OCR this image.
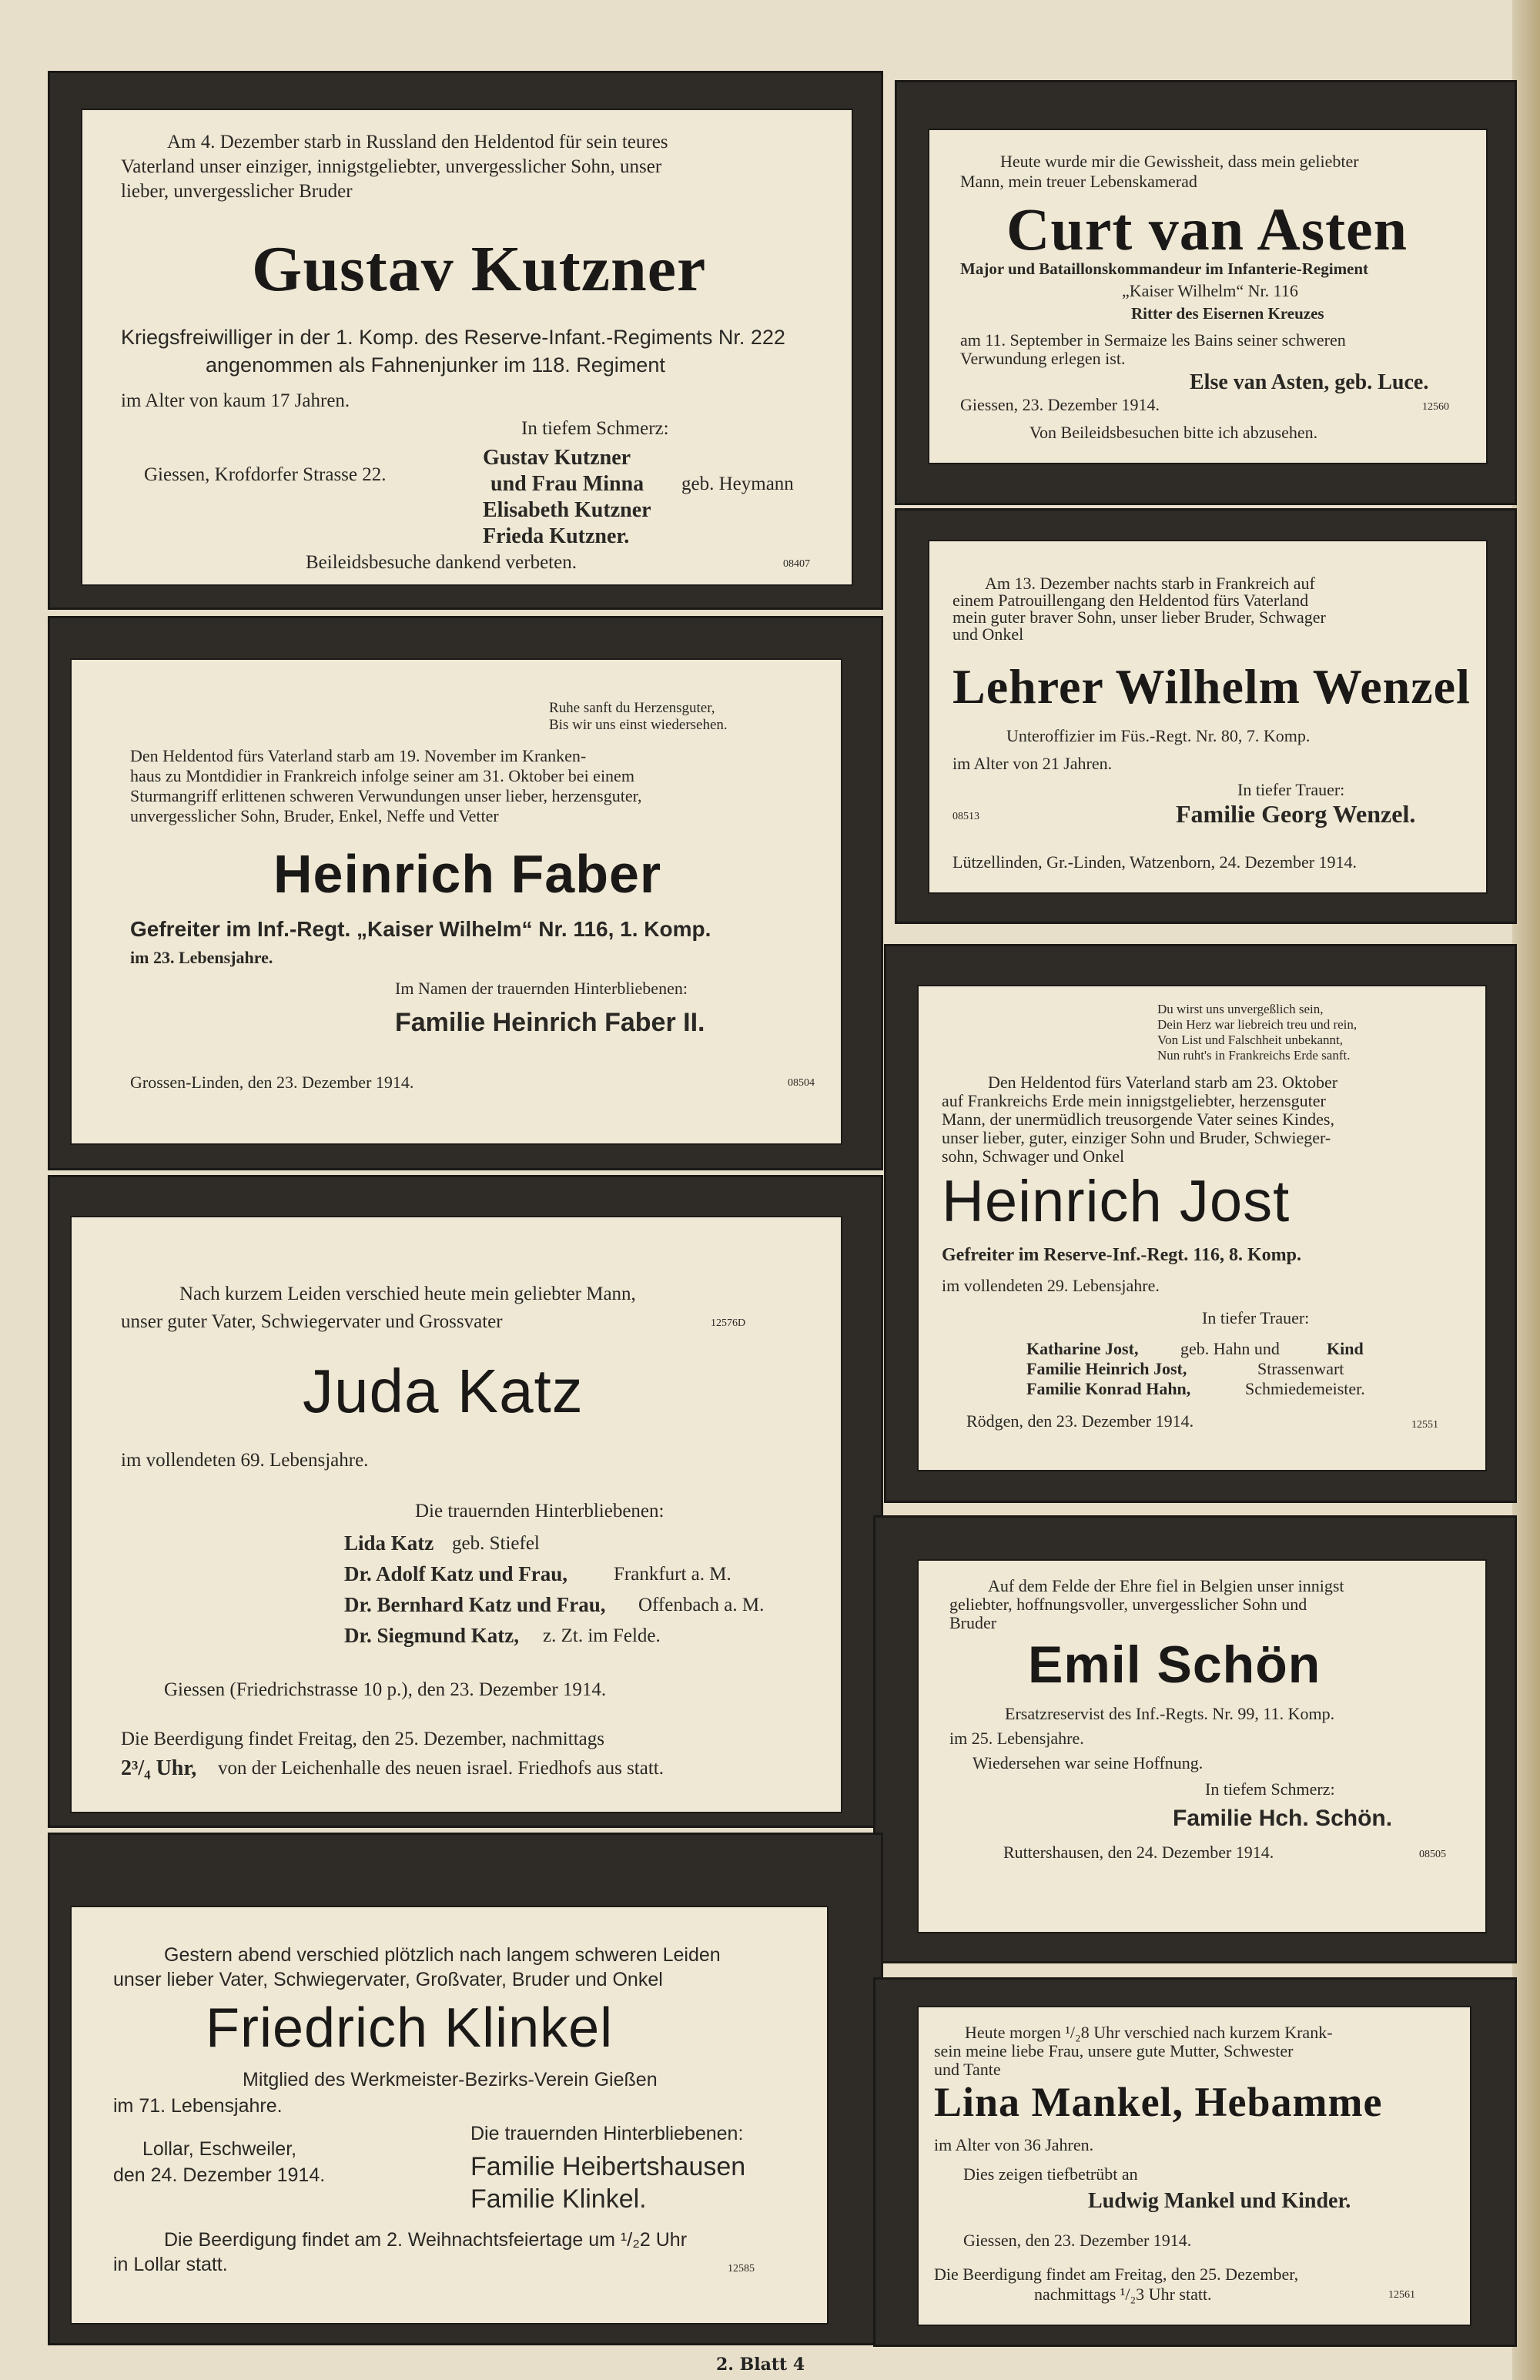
Am 4. Dezember starb in Russland den Heldentod für sein teures
Vaterland unser einziger, innigstgeliebter, unvergesslicher Sohn, unser
lieber, unvergesslicher Bruder
Gustav Kutzner
Kriegsfreiwilliger in der 1. Komp. des Reserve-Infant.-Regiments Nr. 222
angenommen als Fahnenjunker im 118. Regiment
im Alter von kaum 17 Jahren.
In tiefem Schmerz:
Gustav Kutzner
und Frau Minna geb. Heymann
Elisabeth Kutzner
Frieda Kutzner.
Giessen, Krofdorfer Strasse 22.
Beileidsbesuche dankend verbeten.	08407
Heute wurde mir die Gewissheit, dass mein geliebter
Mann, mein treuer Lebenskamerad
Curt van Asten
Major und Bataillonskommandeur im Infanterie-Regiment
„Kaiser Wilhelm“ Nr. 116
Ritter des Eisernen Kreuzes
am 11. September in Sermaize les Bains seiner schweren
Verwundung erlegen ist.
Else van Asten, geb. Luce.
Giessen, 23. Dezember 1914.	12560
Von Beileidsbesuchen bitte ich abzusehen.
Am 13. Dezember nachts starb in Frankreich auf
einem Patrouillengang den Heldentod fürs Vaterland
mein guter braver Sohn, unser lieber Bruder, Schwager
und Onkel
Lehrer Wilhelm Wenzel
Unteroffizier im Füs.-Regt. Nr. 80, 7. Komp.
im Alter von 21 Jahren.
In tiefer Trauer:
08513	Familie Georg Wenzel.
Lützellinden, Gr.-Linden, Watzenborn, 24. Dezember 1914.
Ruhe sanft du Herzensguter,
Bis wir uns einst wiedersehen.
Den Heldentod fürs Vaterland starb am 19. November im Kranken-
haus zu Montdidier in Frankreich infolge seiner am 31. Oktober bei einem
Sturmangriff erlittenen schweren Verwundungen unser lieber, herzensguter,
unvergesslicher Sohn, Bruder, Enkel, Neffe und Vetter
Heinrich Faber
Gefreiter im Inf.-Regt. „Kaiser Wilhelm“ Nr. 116, 1. Komp.
im 23. Lebensjahre.
Im Namen der trauernden Hinterbliebenen:
Familie Heinrich Faber II.
Grossen-Linden, den 23. Dezember 1914.	08504
Du wirst uns unvergeßlich sein,
Dein Herz war liebreich treu und rein,
Von List und Falschheit unbekannt,
Nun ruht's in Frankreichs Erde sanft.
Den Heldentod fürs Vaterland starb am 23. Oktober
auf Frankreichs Erde mein innigstgeliebter, herzensguter
Mann, der unermüdlich treusorgende Vater seines Kindes,
unser lieber, guter, einziger Sohn und Bruder, Schwieger-
sohn, Schwager und Onkel
Heinrich Jost
Gefreiter im Reserve-Inf.-Regt. 116, 8. Komp.
im vollendeten 29. Lebensjahre.
In tiefer Trauer:
Katharine Jost, geb. Hahn und	Kind
Familie Heinrich Jost,	Strassenwart
Familie Konrad Hahn,	Schmiedemeister.
Rödgen, den 23. Dezember 1914.	12551
Nach kurzem Leiden verschied heute mein geliebter Mann,
unser guter Vater, Schwiegervater und Grossvater	12576D
Juda Katz
im vollendeten 69. Lebensjahre.
Die trauernden Hinterbliebenen:
Lida Katz geb. Stiefel
Dr. Adolf Katz und Frau, Frankfurt a. M.
Dr. Bernhard Katz und Frau, Offenbach a. M.
Dr. Siegmund Katz, z. Zt. im Felde.
Giessen (Friedrichstrasse 10 p.), den 23. Dezember 1914.
Die Beerdigung findet Freitag, den 25. Dezember, nachmittags
2³/₄ Uhr, von der Leichenhalle des neuen israel. Friedhofs aus statt.
Auf dem Felde der Ehre fiel in Belgien unser innigst
geliebter, hoffnungsvoller, unvergesslicher Sohn und
Bruder
Emil Schön
Ersatzreservist des Inf.-Regts. Nr. 99, 11. Komp.
im 25. Lebensjahre.
Wiedersehen war seine Hoffnung.
In tiefem Schmerz:
Familie Hch. Schön.
Ruttershausen, den 24. Dezember 1914.	08505
Gestern abend verschied plötzlich nach langem schweren Leiden
unser lieber Vater, Schwiegervater, Großvater, Bruder und Onkel
Friedrich Klinkel
Mitglied des Werkmeister-Bezirks-Verein Gießen
im 71. Lebensjahre.
Die trauernden Hinterbliebenen:
Lollar, Eschweiler,
den 24. Dezember 1914.	Familie Heibertshausen
Familie Klinkel.
Die Beerdigung findet am 2. Weihnachtsfeiertage um ¹/₂2 Uhr
in Lollar statt.	12585
Heute morgen ¹/₂8 Uhr verschied nach kurzem Krank-
sein meine liebe Frau, unsere gute Mutter, Schwester
und Tante
Lina Mankel, Hebamme
im Alter von 36 Jahren.
Dies zeigen tiefbetrübt an
Ludwig Mankel und Kinder.
Giessen, den 23. Dezember 1914.
Die Beerdigung findet am Freitag, den 25. Dezember,
nachmittags ¹/₂3 Uhr statt.	12561
2. Blatt 4
